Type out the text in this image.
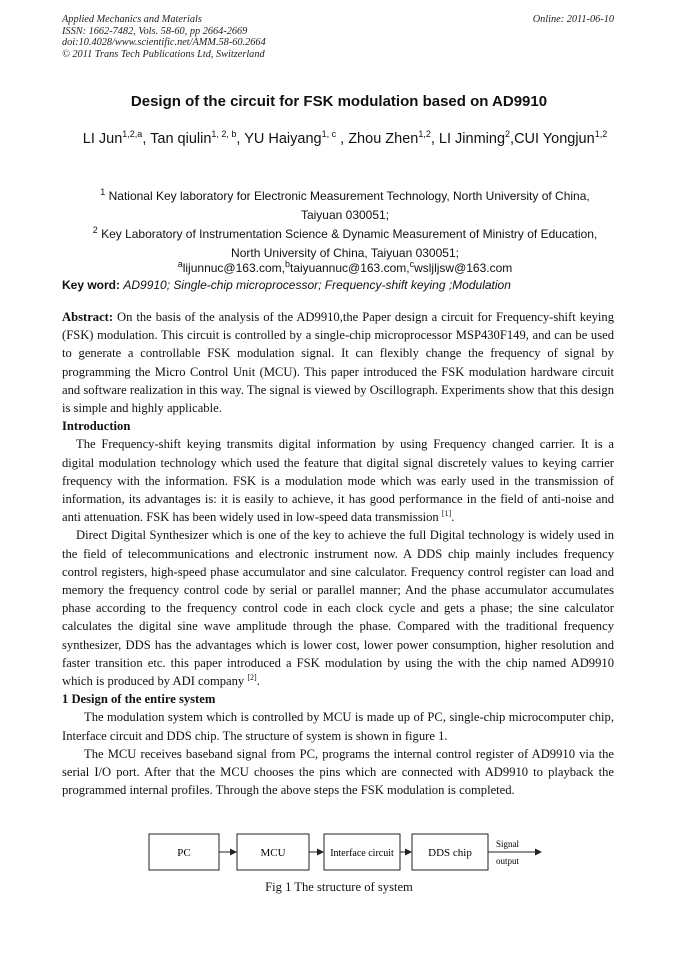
Applied Mechanics and Materials
ISSN: 1662-7482, Vols. 58-60, pp 2664-2669
doi:10.4028/www.scientific.net/AMM.58-60.2664
© 2011 Trans Tech Publications Ltd, Switzerland
Online: 2011-06-10
Design of the circuit for FSK modulation based on AD9910
LI Jun$^{1,2,a}$, Tan qiulin$^{1, 2, b}$, YU Haiyang$^{1, c}$ , Zhou Zhen$^{1,2}$, LI Jinming$^2$,CUI Yongjun$^{1,2}$
$^1$ National Key laboratory for Electronic Measurement Technology, North University of China,
Taiyuan 030051;
$^2$ Key Laboratory of Instrumentation Science & Dynamic Measurement of Ministry of Education,
North University of China, Taiyuan 030051;
$^a$lijunnuc@163.com,$^b$taiyuannuc@163.com,$^c$wsljljsw@163.com
Key word: AD9910; Single-chip microprocessor; Frequency-shift keying ;Modulation

Abstract: On the basis of the analysis of the AD9910,the Paper design a circuit for Frequency-shift keying (FSK) modulation. This circuit is controlled by a single-chip microprocessor MSP430F149, and can be used to generate a controllable FSK modulation signal. It can flexibly change the frequency of signal by programming the Micro Control Unit (MCU). This paper introduced the FSK modulation hardware circuit and software realization in this way. The signal is viewed by Oscillograph. Experiments show that this design is simple and highly applicable.

Introduction

The Frequency-shift keying transmits digital information by using Frequency changed carrier. It is a digital modulation technology which used the feature that digital signal discretely values to keying carrier frequency with the information. FSK is a modulation mode which was early used in the transmission of information, its advantages is: it is easily to achieve, it has good performance in the field of anti-noise and anti attenuation. FSK has been widely used in low-speed data transmission [1].

Direct Digital Synthesizer which is one of the key to achieve the full Digital technology is widely used in the field of telecommunications and electronic instrument now. A DDS chip mainly includes frequency control registers, high-speed phase accumulator and sine calculator. Frequency control register can load and memory the frequency control code by serial or parallel manner; And the phase accumulator accumulates phase according to the frequency control code in each clock cycle and gets a phase; the sine calculator calculates the digital sine wave amplitude through the phase. Compared with the traditional frequency synthesizer, DDS has the advantages which is lower cost, lower power consumption, higher resolution and faster transition etc. this paper introduced a FSK modulation by using the with the chip named AD9910 which is produced by ADI company [2].

1 Design of the entire system

The modulation system which is controlled by MCU is made up of PC, single-chip microcomputer chip, Interface circuit and DDS chip. The structure of system is shown in figure 1.

The MCU receives baseband signal from PC, programs the internal control register of AD9910 via the serial I/O port. After that the MCU chooses the pins which are connected with AD9910 to playback the programmed internal profiles. Through the above steps the FSK modulation is completed.

PC	MCU	Interface circuit	DDS chip
Signal
output
Fig 1 The structure of system
